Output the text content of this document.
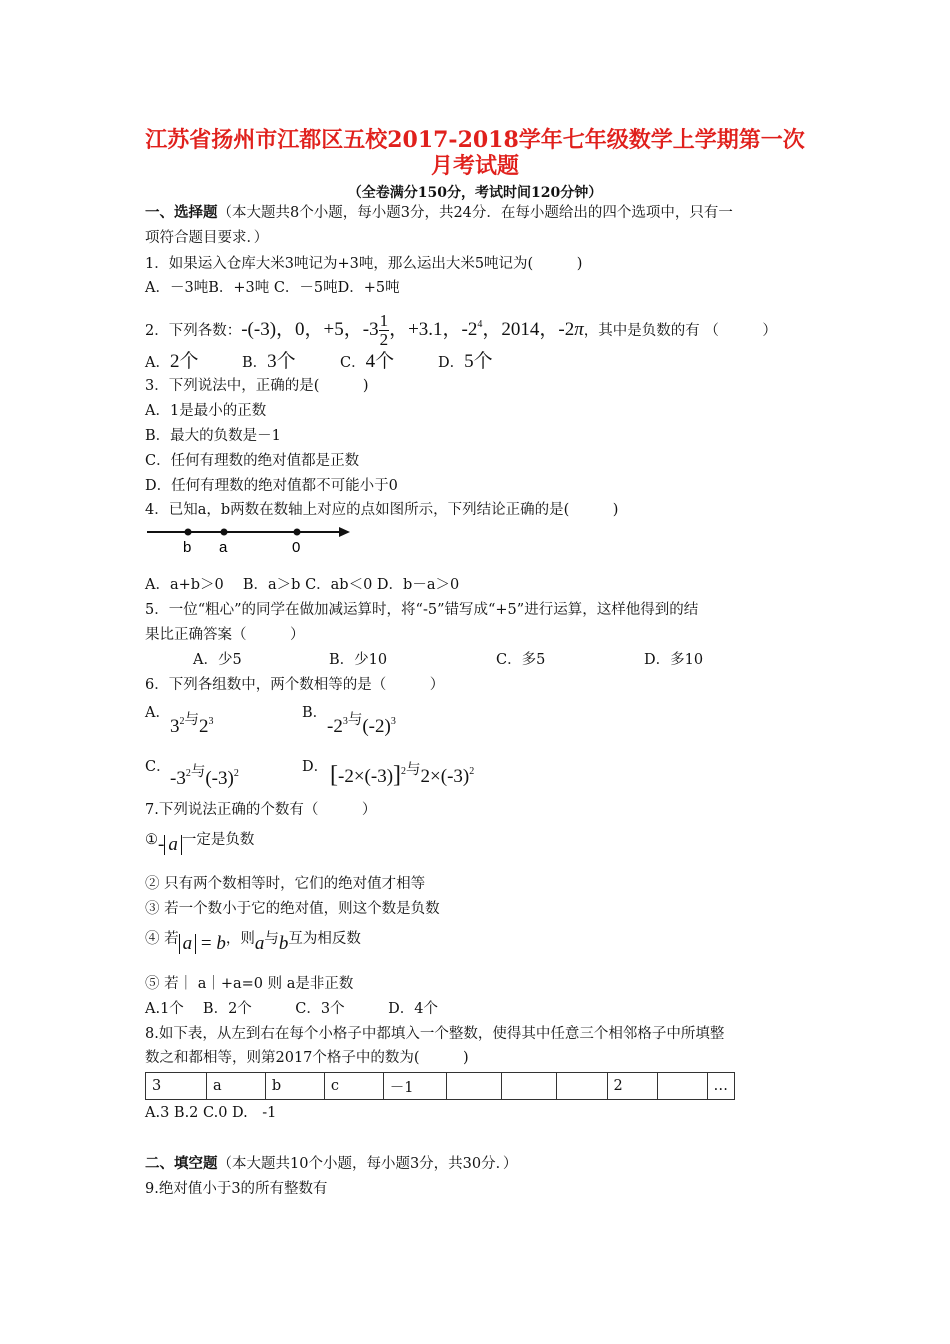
江苏省扬州市江都区五校2017-2018学年七年级数学上学期第一次
月考试题
（全卷满分150分，考试时间120分钟）
一、选择题（本大题共8个小题，每小题3分，共24分．在每小题给出的四个选项中，只有一
项符合题目要求．）
1．如果运入仓库大米3吨记为+3吨，那么运出大米5吨记为(　　　)
A．－3吨B．+3吨 C．－5吨D．+5吨
2．下列各数：-(-3)，0，+5，$-3 \frac{1}{2}$ ，+3.1，$-2^4$，2014，-2π，其中是负数的有 （　　　）
A．2个	B．3个	C．4个	D．5个
3．下列说法中，正确的是(　　　)
A．1是最小的正数
B．最大的负数是－1
C．任何有理数的绝对值都是正数
D．任何有理数的绝对值都不可能小于0
4．已知a，b两数在数轴上对应的点如图所示，下列结论正确的是(　　　)
b a	0
A．a+b＞0　 B．a＞b C．ab＜0 D．b－a＞0
5．一位“粗心”的同学在做加减运算时，将“-5”错写成“+5”进行运算，这样他得到的结
果比正确答案（　　　）
A．少5	B．少10	C．多5	D．多10
6．下列各组数中，两个数相等的是（　　　）
A．
$3^2$与$2^3$
B．
$-2^3$与$(-2)^3$
C．
$-3^2$与$(-3)^2$	D． $[-2\times(-3)]^2$与$2\times(-3)^2$
7.下列说法正确的个数有（　　　）
①- a 一定是负数
② 只有两个数相等时，它们的绝对值才相等
③ 若一个数小于它的绝对值，则这个数是负数
④ 若 a = b，则a与b互为相反数
⑤ 若｜ a｜+a=0 则 a是非正数
A.1个　 B．2个　　　C．3个　　　D．4个
8.如下表，从左到右在每个小格子中都填入一个整数，使得其中任意三个相邻格子中所填整
数之和都相等，则第2017个格子中的数为(　　　)
3	a	b	c	－1				2		…
A.3 B.2 C.0 D.　-1
二、填空题（本大题共10个小题，每小题3分，共30分．）
9.绝对值小于3的所有整数有
